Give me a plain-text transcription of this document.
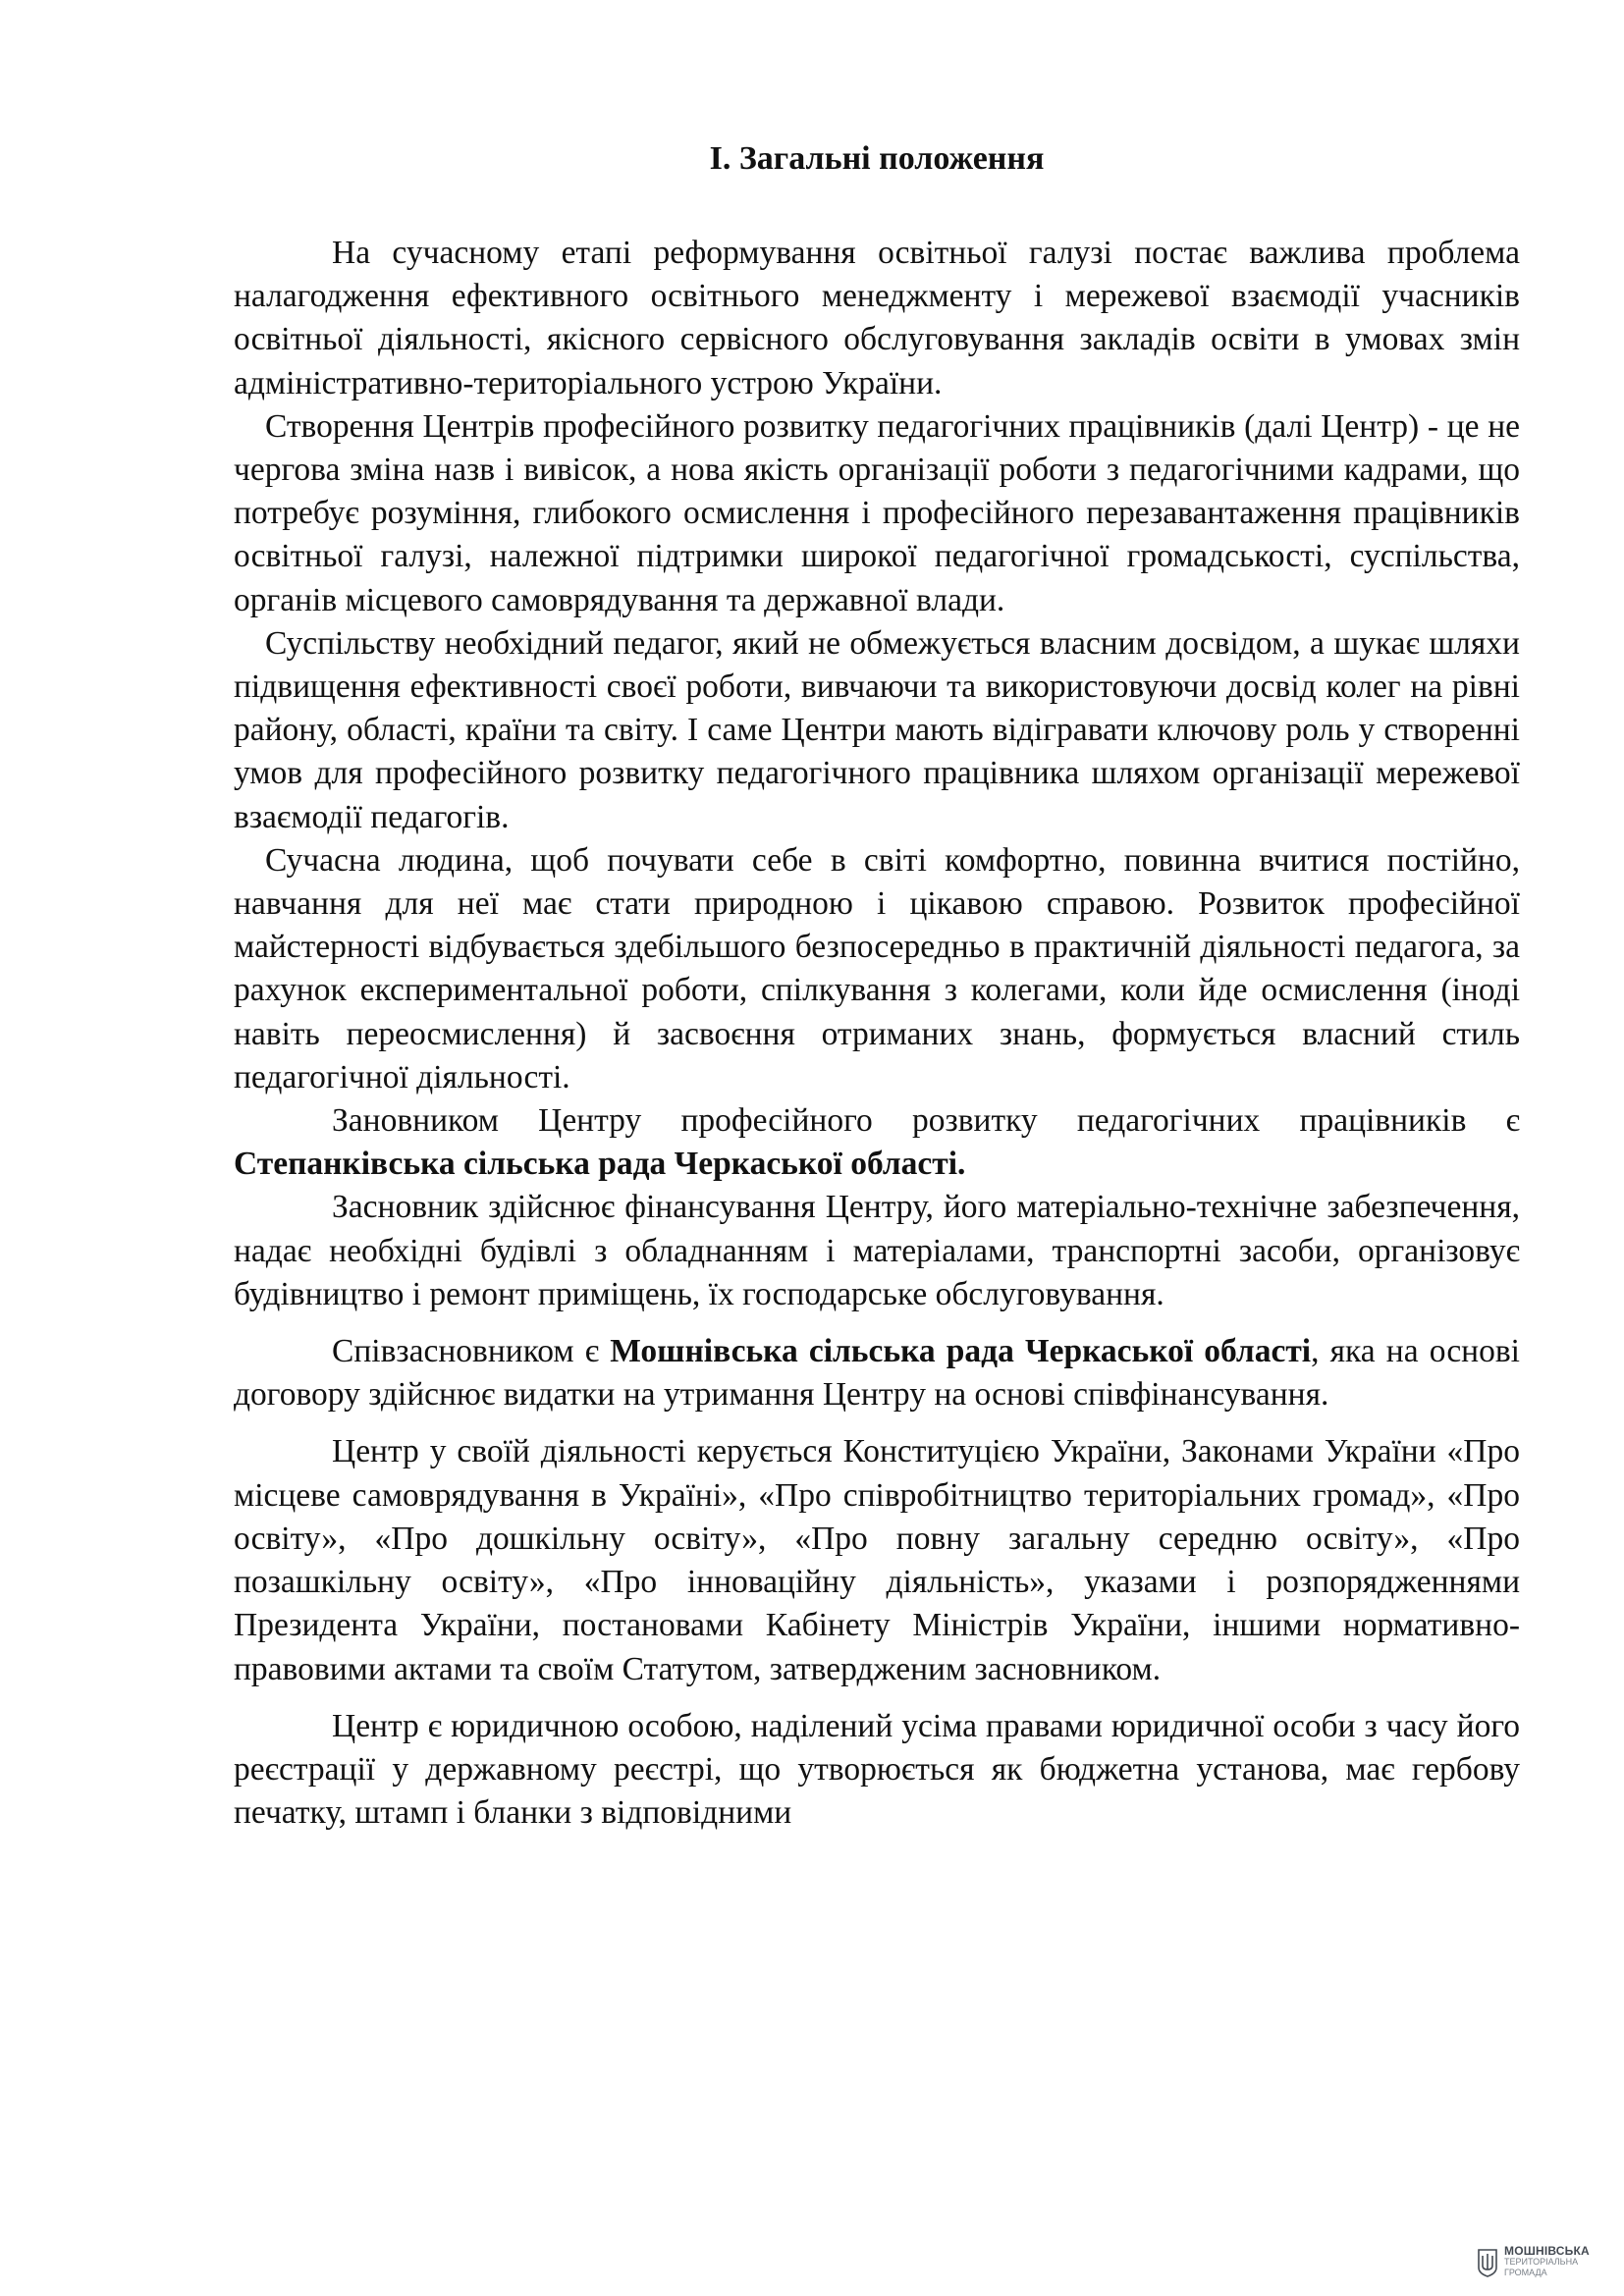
I. Загальні положення

На сучасному етапі реформування освітньої галузі постає важлива проблема налагодження ефективного освітнього менеджменту і мережевої взаємодії учасників освітньої діяльності, якісного сервісного обслуговування закладів освіти в умовах змін адміністративно-територіального устрою України.

Створення Центрів професійного розвитку педагогічних працівників (далі Центр) - це не чергова зміна назв і вивісок, а нова якість організації роботи з педагогічними кадрами, що потребує розуміння, глибокого осмислення і професійного перезавантаження працівників освітньої галузі, належної підтримки широкої педагогічної громадськості, суспільства, органів місцевого самоврядування та державної влади.

Суспільству необхідний педагог, який не обмежується власним досвідом, а шукає шляхи підвищення ефективності своєї роботи, вивчаючи та використовуючи досвід колег на рівні району, області, країни та світу. І саме Центри мають відігравати ключову роль у створенні умов для професійного розвитку педагогічного працівника шляхом організації мережевої взаємодії педагогів.

Сучасна людина, щоб почувати себе в світі комфортно, повинна вчитися постійно, навчання для неї має стати природною і цікавою справою. Розвиток професійної майстерності відбувається здебільшого безпосередньо в практичній діяльності педагога, за рахунок експериментальної роботи, спілкування з колегами, коли йде осмислення (іноді навіть переосмислення) й засвоєння отриманих знань, формується власний стиль педагогічної діяльності.

Зановником Центру професійного розвитку педагогічних працівників є Степанківська сільська рада Черкаської області.

Засновник здійснює фінансування Центру, його матеріально-технічне забезпечення, надає необхідні будівлі з обладнанням і матеріалами, транспортні засоби, організовує будівництво і ремонт приміщень, їх господарське обслуговування.

Співзасновником є Мошнівська сільська рада Черкаської області, яка на основі договору здійснює видатки на утримання Центру на основі співфінансування.

Центр у своїй діяльності керується Конституцією України, Законами України «Про місцеве самоврядування в Україні», «Про співробітництво територіальних громад», «Про освіту», «Про дошкільну освіту», «Про повну загальну середню освіту», «Про позашкільну освіту», «Про інноваційну діяльність», указами і розпорядженнями Президента України, постановами Кабінету Міністрів України, іншими нормативно-правовими актами та своїм Статутом, затвердженим засновником.

Центр є юридичною особою, наділений усіма правами юридичної особи з часу його реєстрації у державному реєстрі, що утворюється як бюджетна установа, має гербову печатку, штамп і бланки з відповідними

МОШНІВСЬКА
ТЕРИТОРІАЛЬНА
ГРОМАДА
